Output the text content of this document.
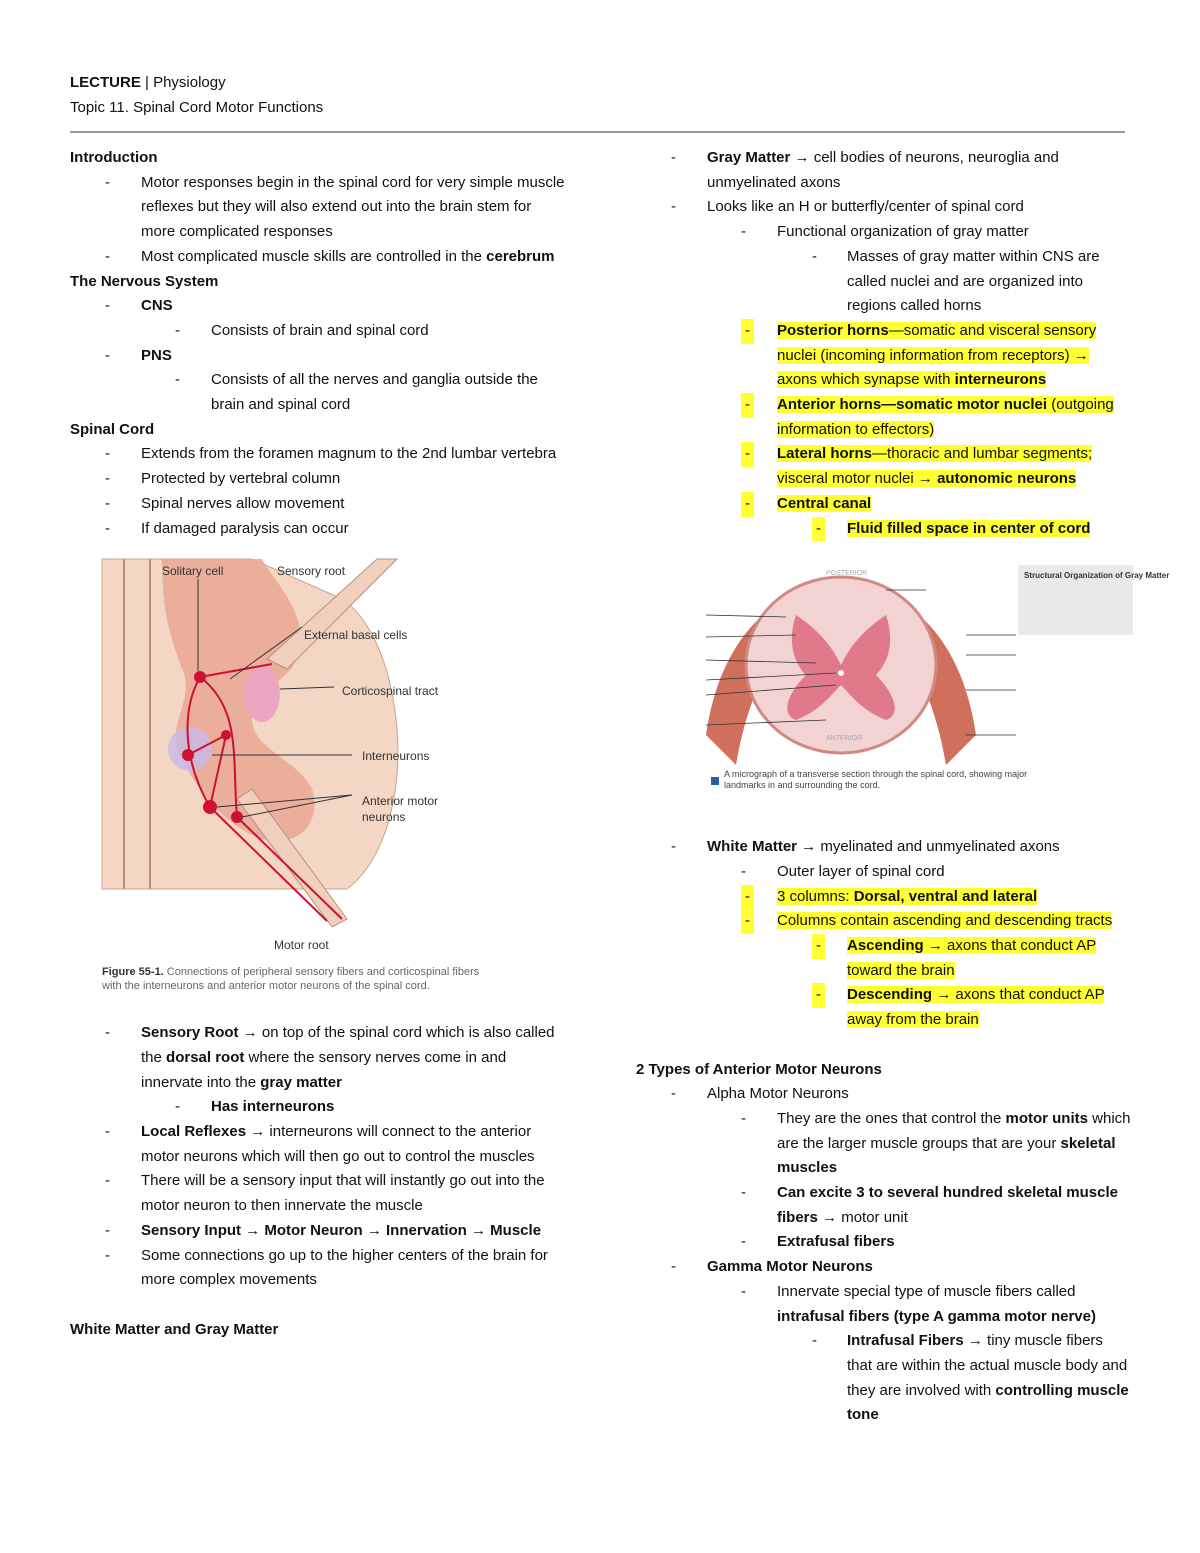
LECTURE | Physiology
Topic 11. Spinal Cord Motor Functions
Introduction
-	Motor responses begin in the spinal cord for very simple muscle reflexes but they will also extend out into the brain stem for more complicated responses
-	Most complicated muscle skills are controlled in the cerebrum
The Nervous System
-	CNS
-	Consists of brain and spinal cord
-	PNS
-	Consists of all the nerves and ganglia outside the brain and spinal cord
Spinal Cord
-	Extends from the foramen magnum to the 2nd lumbar vertebra
-	Protected by vertebral column
-	Spinal nerves allow movement
-	If damaged paralysis can occur
Solitary cell	Sensory root
External basal cells
Corticospinal tract
Interneurons
Anterior motor
neurons
Motor root
Figure 55-1. Connections of peripheral sensory fibers and corticospinal fibers with the interneurons and anterior motor neurons of the spinal cord.
-	Sensory Root → on top of the spinal cord which is also called the dorsal root where the sensory nerves come in and innervate into the gray matter
-	Has interneurons
-	Local Reflexes → interneurons will connect to the anterior motor neurons which will then go out to control the muscles
-	There will be a sensory input that will instantly go out into the motor neuron to then innervate the muscle
-	Sensory Input → Motor Neuron → Innervation → Muscle
-	Some connections go up to the higher centers of the brain for more complex movements
White Matter and Gray Matter
-	Gray Matter → cell bodies of neurons, neuroglia and unmyelinated axons
-	Looks like an H or butterfly/center of spinal cord
-	Functional organization of gray matter
-	Masses of gray matter within CNS are called nuclei and are organized into regions called horns
-	Posterior horns—somatic and visceral sensory nuclei (incoming information from receptors) → axons which synapse with interneurons
-	Anterior horns—somatic motor nuclei (outgoing information to effectors)
-	Lateral horns—thoracic and lumbar segments; visceral motor nuclei → autonomic neurons
-	Central canal
-	Fluid filled space in center of cord
Structural Organization of Gray Matter
POSTERIOR
ANTERIOR
A micrograph of a transverse section through the spinal cord, showing major landmarks in and surrounding the cord.
-	White Matter → myelinated and unmyelinated axons
-	Outer layer of spinal cord
-	3 columns: Dorsal, ventral and lateral
-	Columns contain ascending and descending tracts
-	Ascending → axons that conduct AP toward the brain
-	Descending → axons that conduct AP away from the brain
2 Types of Anterior Motor Neurons
-	Alpha Motor Neurons
-	They are the ones that control the motor units which are the larger muscle groups that are your skeletal muscles
-	Can excite 3 to several hundred skeletal muscle fibers → motor unit
-	Extrafusal fibers
-	Gamma Motor Neurons
-	Innervate special type of muscle fibers called intrafusal fibers (type A gamma motor nerve)
-	Intrafusal Fibers → tiny muscle fibers that are within the actual muscle body and they are involved with controlling muscle tone
